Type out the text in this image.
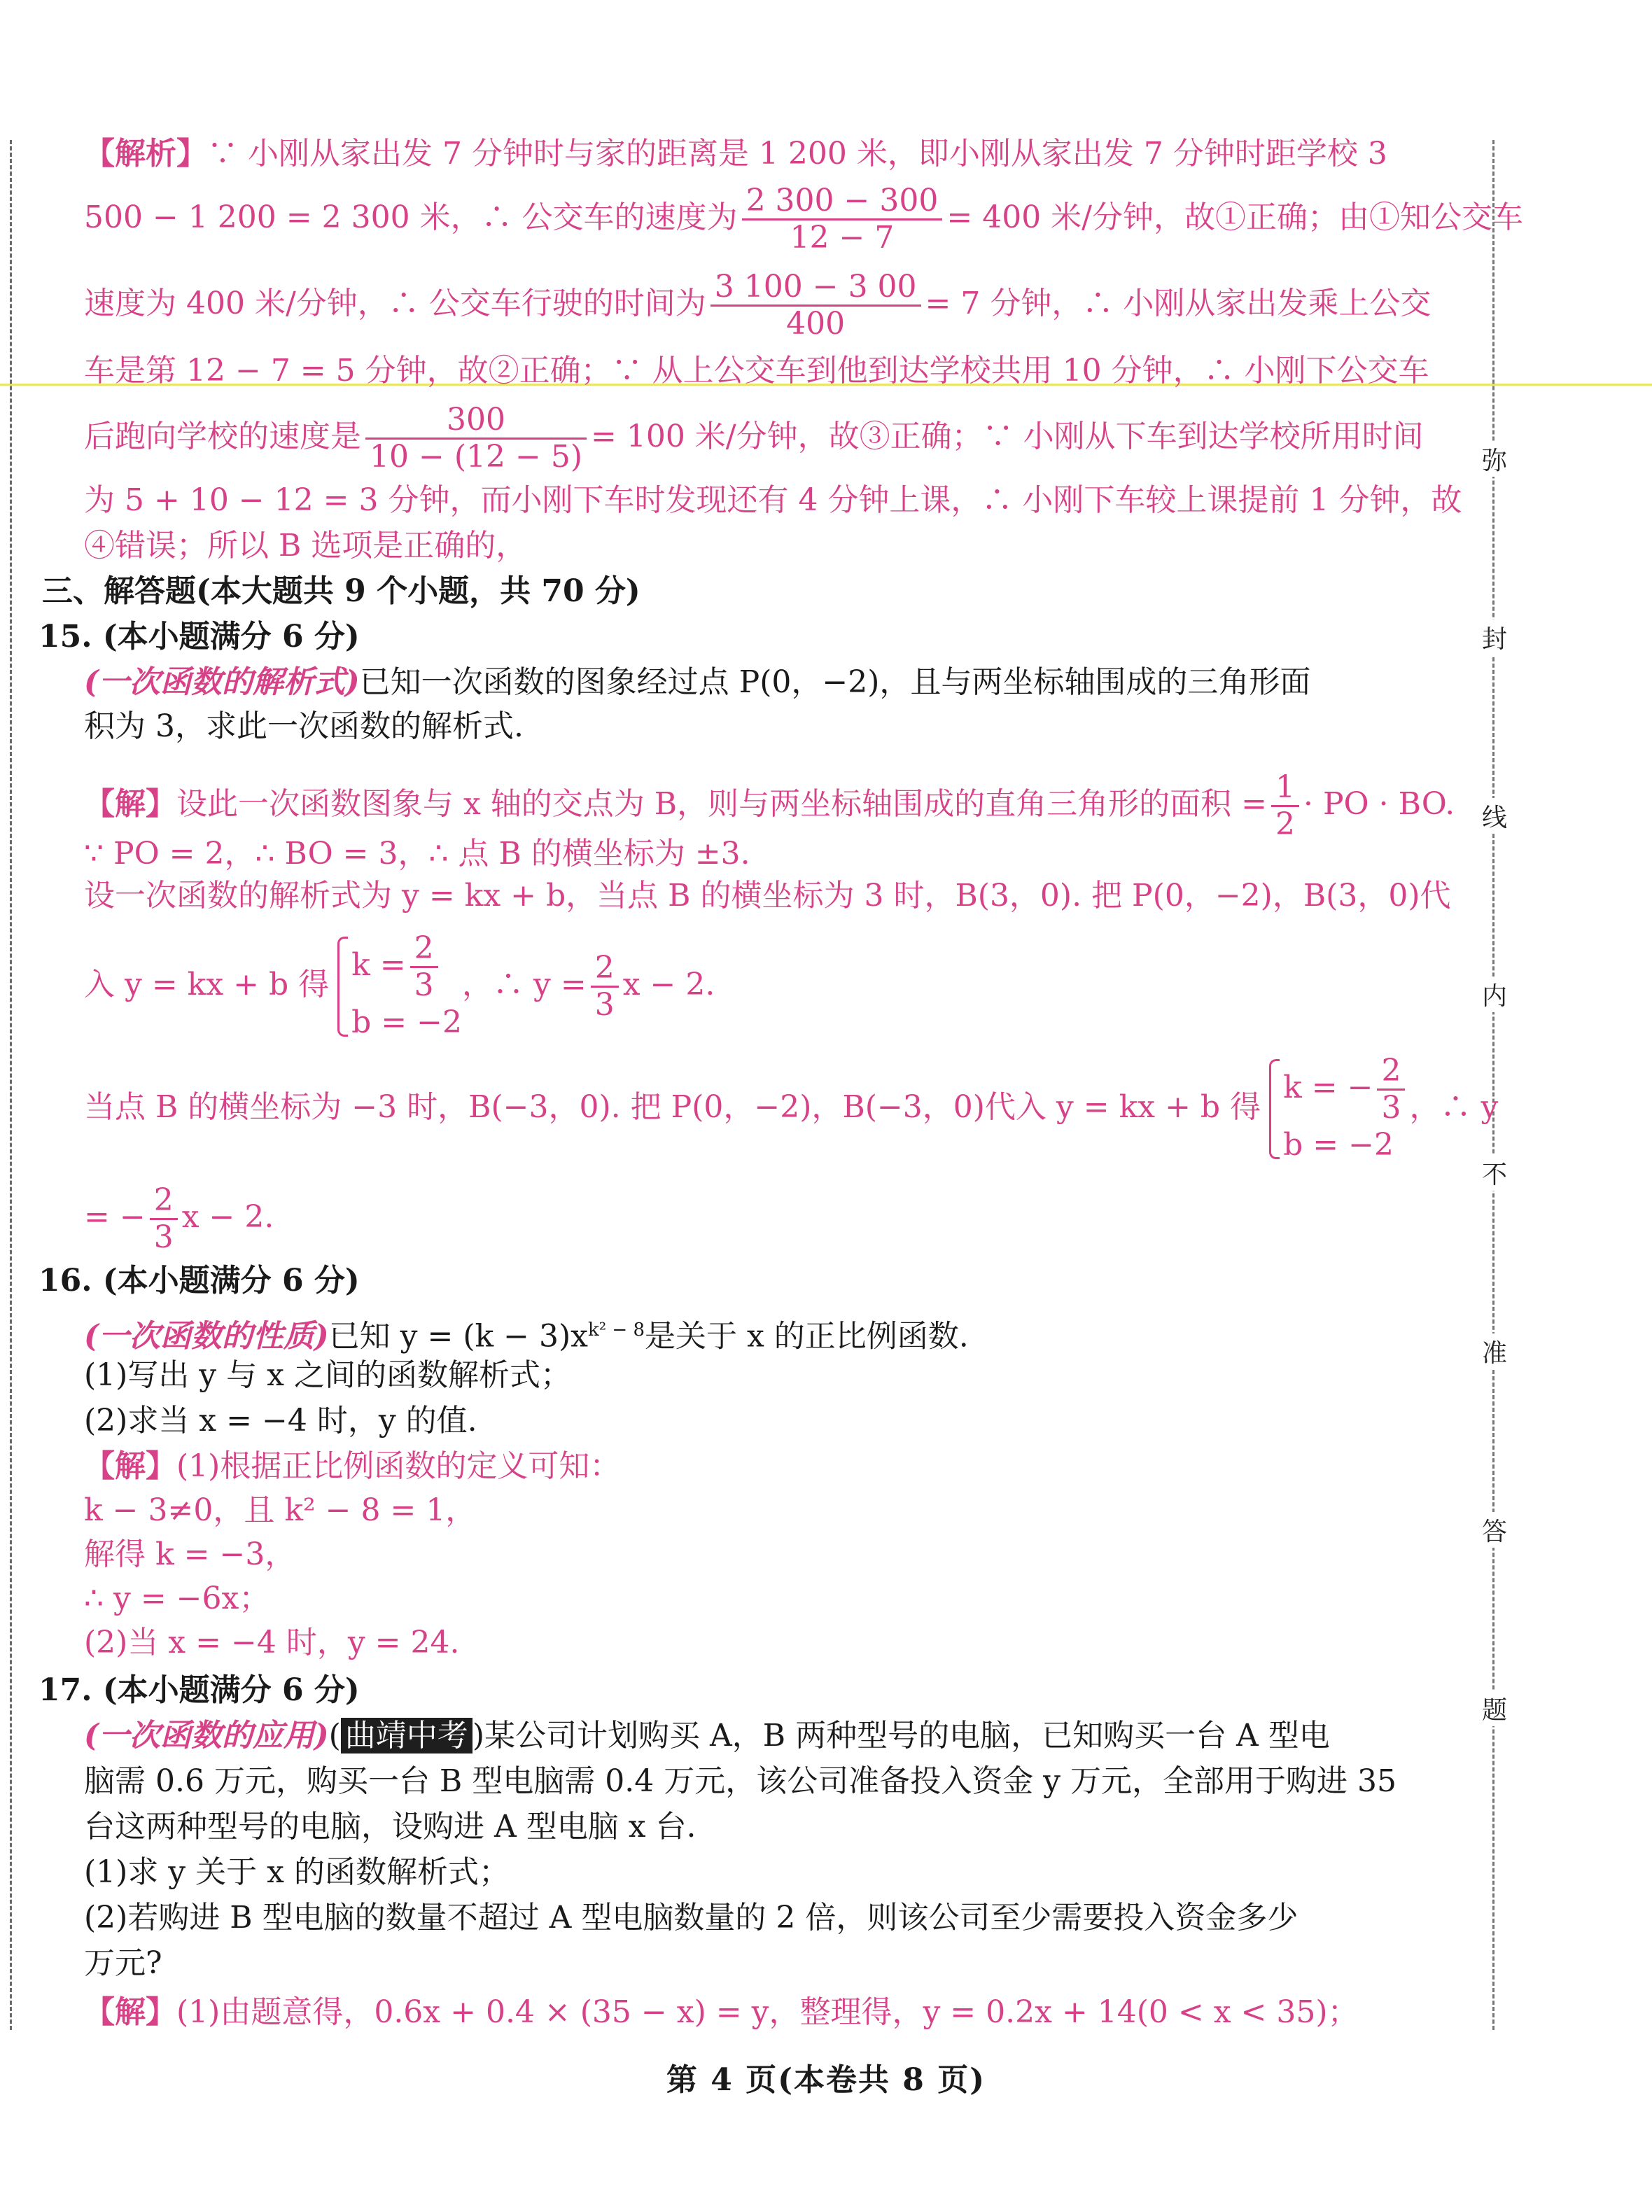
弥
封
线
内
不
准
答
题
【解析】∵ 小刚从家出发 7 分钟时与家的距离是 1 200 米，即小刚从家出发 7 分钟时距学校 3
500 − 1 200 = 2 300 米，∴ 公交车的速度为 $\frac{2 300 - 300}{12 - 7} = 400$ 米/分钟，故①正确；由①知公交车
速度为 400 米/分钟，∴ 公交车行驶的时间为 $\frac{3 100 - 3 00}{400} = 7$ 分钟，∴ 小刚从家出发乘上公交
车是第 12 − 7 = 5 分钟，故②正确；∵ 从上公交车到他到达学校共用 10 分钟，∴ 小刚下公交车
后跑向学校的速度是 $\frac{300}{10 - (12 - 5)} = 100$ 米/分钟，故③正确；∵ 小刚从下车到达学校所用时间
为 5 + 10 − 12 = 3 分钟，而小刚下车时发现还有 4 分钟上课，∴ 小刚下车较上课提前 1 分钟，故
④错误；所以 B 选项是正确的，
三、解答题(本大题共 9 个小题，共 70 分)
15. (本小题满分 6 分)
(一次函数的解析式)已知一次函数的图象经过点 P(0，−2)，且与两坐标轴围成的三角形面
积为 3，求此一次函数的解析式.
【解】设此一次函数图象与 x 轴的交点为 B，则与两坐标轴围成的直角三角形的面积 = $\frac{1}{2}$ · PO · BO.
∵ PO = 2，∴ BO = 3，∴ 点 B 的横坐标为 ±3.
设一次函数的解析式为 y = kx + b，当点 B 的横坐标为 3 时，B(3，0). 把 P(0，−2)，B(3，0)代
入 y = kx + b 得
$k = \frac{2}{3}$
b = −2
，∴ $y = \frac{2}{3}$ x − 2.
当点 B 的横坐标为 −3 时，B(−3，0). 把 P(0，−2)，B(−3，0)代入 y = kx + b 得
k = − $\frac{2}{3}$
b = −2
，∴ y
= − $\frac{2}{3}$ x − 2.
16. (本小题满分 6 分)
(一次函数的性质)已知 $y = (k - 3)x^{k^2 - 8}$是关于 x 的正比例函数.
(1)写出 y 与 x 之间的函数解析式；
(2)求当 x = −4 时，y 的值.
【解】(1)根据正比例函数的定义可知：
k − 3≠0，且 k² − 8 = 1，
解得 k = −3，
∴ y = −6x；
(2)当 x = −4 时，y = 24.
17. (本小题满分 6 分)
(一次函数的应用)( 曲靖中考 )某公司计划购买 A，B 两种型号的电脑，已知购买一台 A 型电
脑需 0.6 万元，购买一台 B 型电脑需 0.4 万元，该公司准备投入资金 y 万元，全部用于购进 35
台这两种型号的电脑，设购进 A 型电脑 x 台.
(1)求 y 关于 x 的函数解析式；
(2)若购进 B 型电脑的数量不超过 A 型电脑数量的 2 倍，则该公司至少需要投入资金多少
万元?
【解】(1)由题意得，0.6x + 0.4 × (35 − x) = y，整理得，y = 0.2x + 14(0 < x < 35)；
第 4 页(本卷共 8 页)
